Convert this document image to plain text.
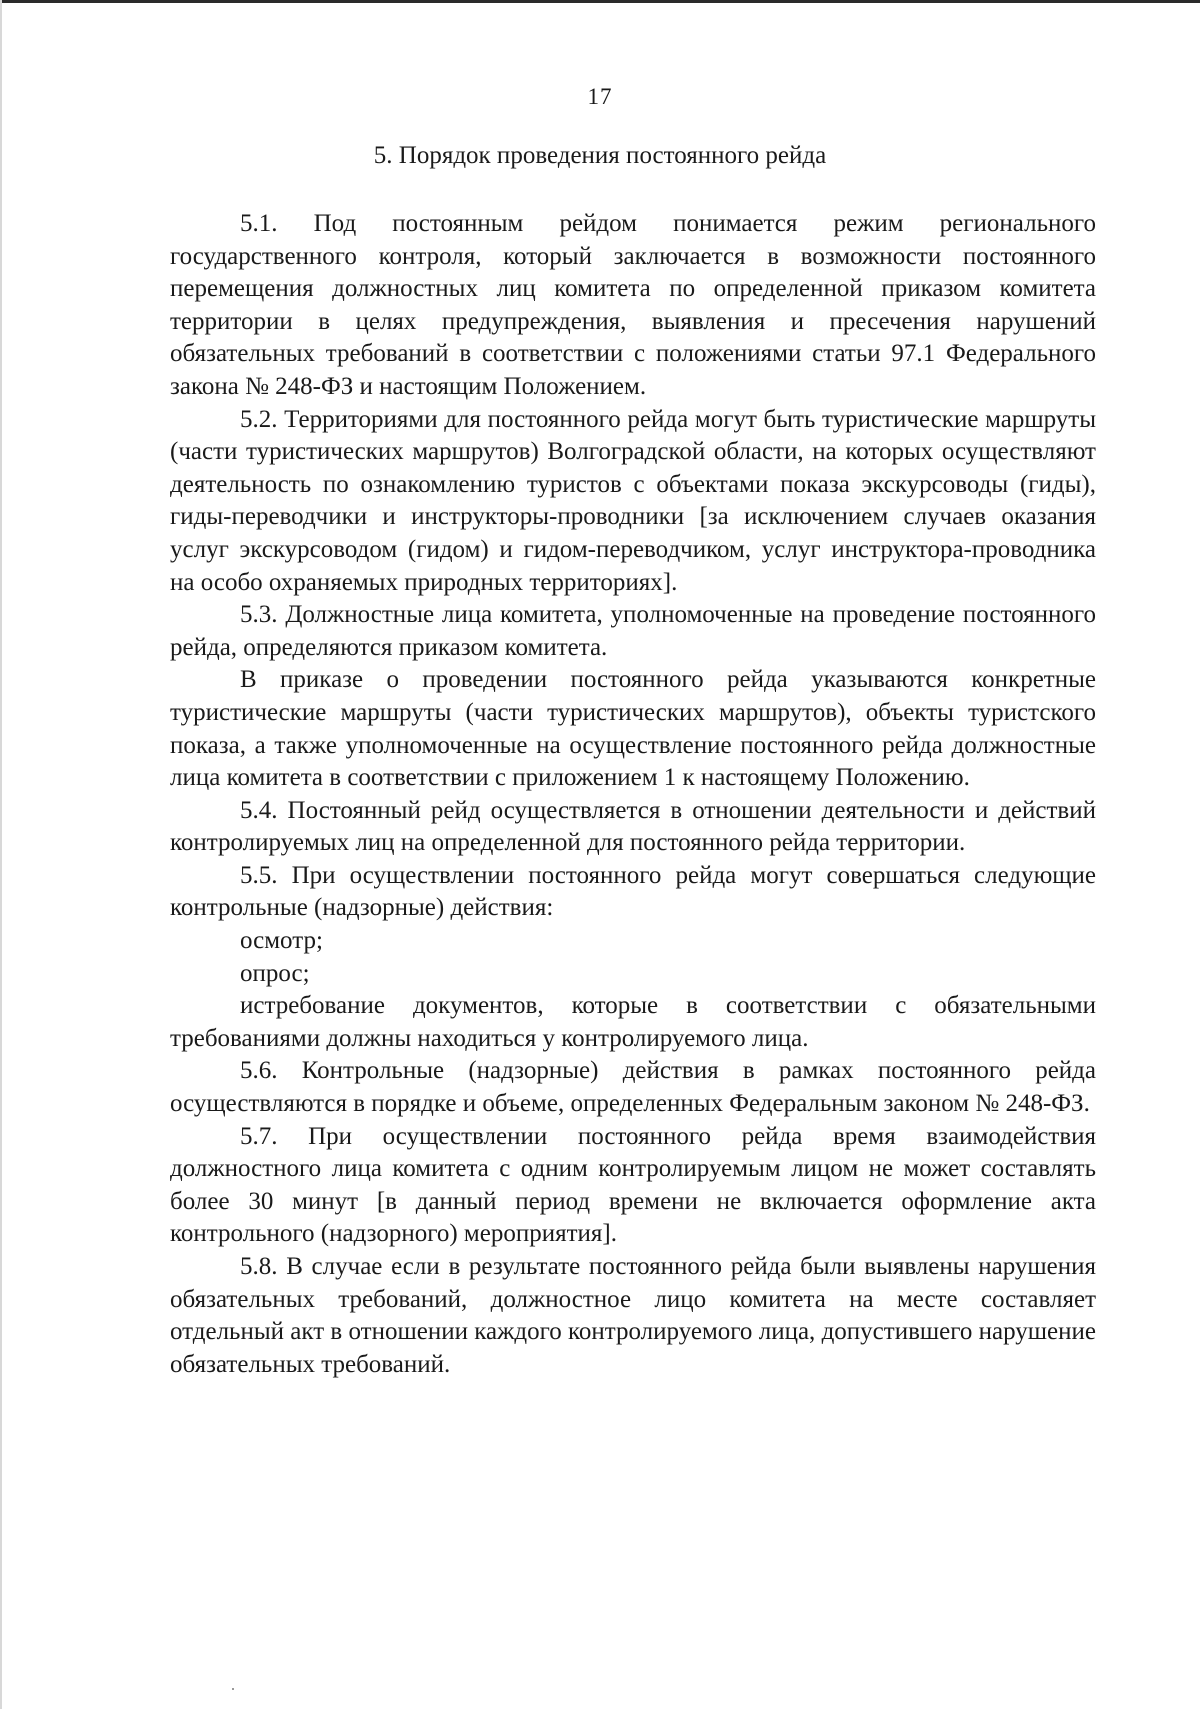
17
5. Порядок проведения постоянного рейда

5.1. Под постоянным рейдом понимается режим регионального государственного контроля, который заключается в возможности постоянного перемещения должностных лиц комитета по определенной приказом комитета территории в целях предупреждения, выявления и пресечения нарушений обязательных требований в соответствии с положениями статьи 97.1 Федерального закона № 248-ФЗ и настоящим Положением.

5.2. Территориями для постоянного рейда могут быть туристические маршруты (части туристических маршрутов) Волгоградской области, на которых осуществляют деятельность по ознакомлению туристов с объектами показа экскурсоводы (гиды), гиды-переводчики и инструкторы-проводники [за исключением случаев оказания услуг экскурсоводом (гидом) и гидом-переводчиком, услуг инструктора-проводника на особо охраняемых природных территориях].

5.3. Должностные лица комитета, уполномоченные на проведение постоянного рейда, определяются приказом комитета.

В приказе о проведении постоянного рейда указываются конкретные туристические маршруты (части туристических маршрутов), объекты туристского показа, а также уполномоченные на осуществление постоянного рейда должностные лица комитета в соответствии с приложением 1 к настоящему Положению.

5.4. Постоянный рейд осуществляется в отношении деятельности и действий контролируемых лиц на определенной для постоянного рейда территории.

5.5. При осуществлении постоянного рейда могут совершаться следующие контрольные (надзорные) действия:

осмотр;

опрос;

истребование документов, которые в соответствии с обязательными требованиями должны находиться у контролируемого лица.

5.6. Контрольные (надзорные) действия в рамках постоянного рейда осуществляются в порядке и объеме, определенных Федеральным законом № 248-ФЗ.

5.7. При осуществлении постоянного рейда время взаимодействия должностного лица комитета с одним контролируемым лицом не может составлять более 30 минут [в данный период времени не включается оформление акта контрольного (надзорного) мероприятия].

5.8. В случае если в результате постоянного рейда были выявлены нарушения обязательных требований, должностное лицо комитета на месте составляет отдельный акт в отношении каждого контролируемого лица, допустившего нарушение обязательных требований.
